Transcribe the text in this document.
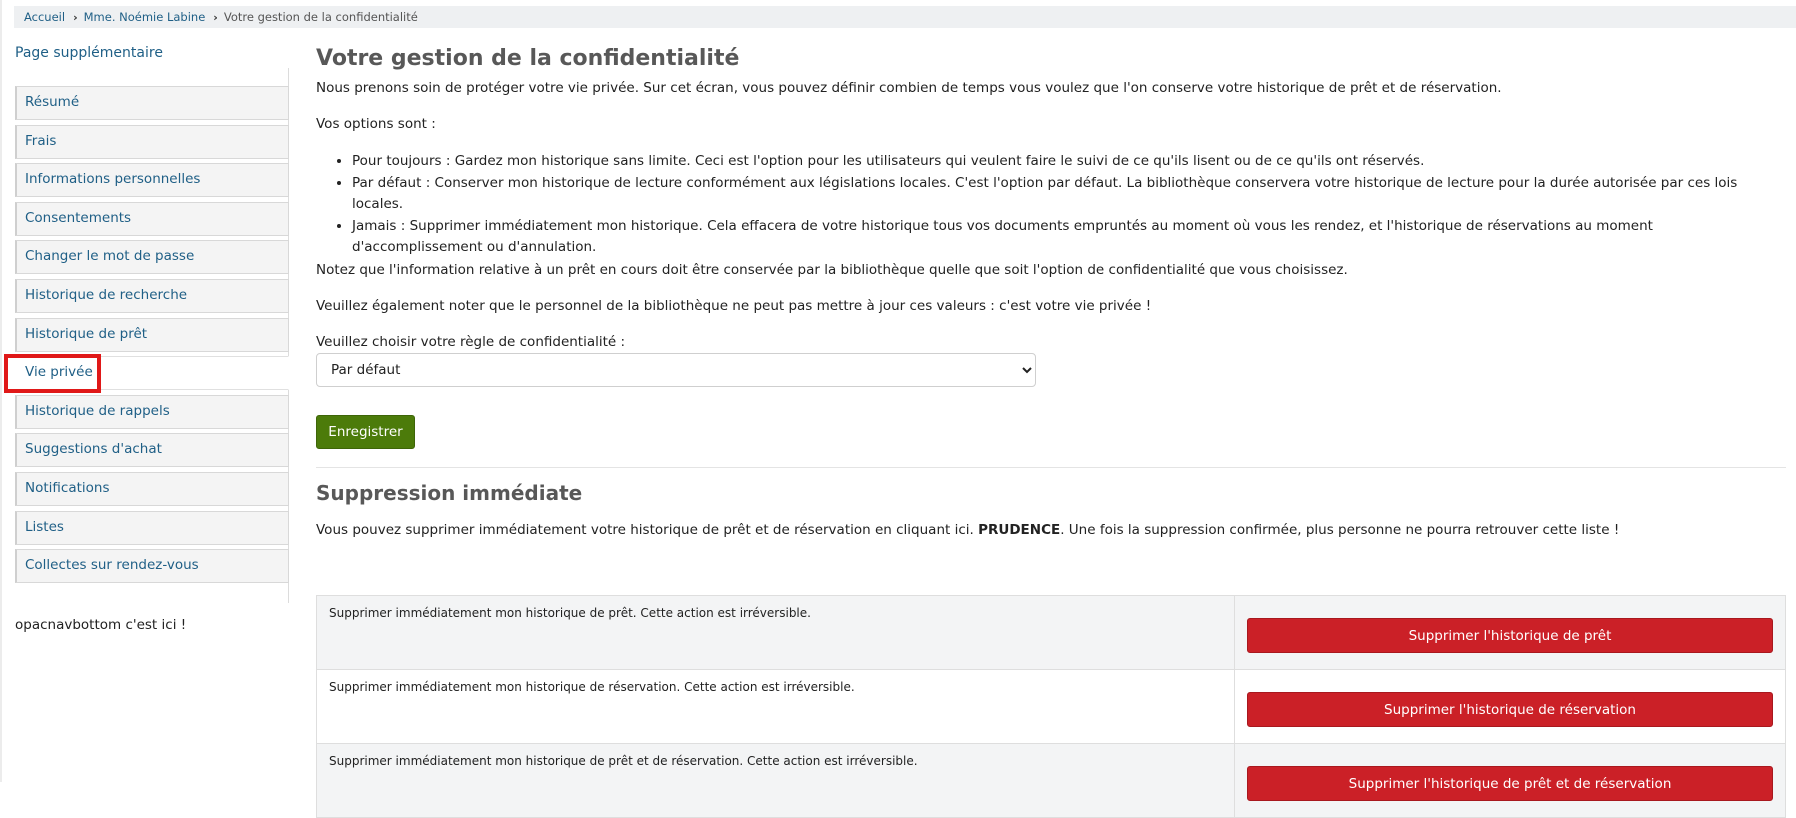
Accueil › Mme. Noémie Labine › Votre gestion de la confidentialité
Page supplémentaire
Résumé
Frais
Informations personnelles
Consentements
Changer le mot de passe
Historique de recherche
Historique de prêt
Vie privée
Historique de rappels
Suggestions d'achat
Notifications
Listes
Collectes sur rendez-vous
opacnavbottom c'est ici !
Votre gestion de la confidentialité
Nous prenons soin de protéger votre vie privée. Sur cet écran, vous pouvez définir combien de temps vous voulez que l'on conserve votre historique de prêt et de réservation.
Vos options sont :
• Pour toujours : Gardez mon historique sans limite. Ceci est l'option pour les utilisateurs qui veulent faire le suivi de ce qu'ils lisent ou de ce qu'ils ont réservés.
• Par défaut : Conserver mon historique de lecture conformément aux législations locales. C'est l'option par défaut. La bibliothèque conservera votre historique de lecture pour la durée autorisée par ces lois locales.
• Jamais : Supprimer immédiatement mon historique. Cela effacera de votre historique tous vos documents empruntés au moment où vous les rendez, et l'historique de réservations au moment d'accomplissement ou d'annulation.
Notez que l'information relative à un prêt en cours doit être conservée par la bibliothèque quelle que soit l'option de confidentialité que vous choisissez.
Veuillez également noter que le personnel de la bibliothèque ne peut pas mettre à jour ces valeurs : c'est votre vie privée !
Veuillez choisir votre règle de confidentialité :
Par défaut
Enregistrer
Suppression immédiate
Vous pouvez supprimer immédiatement votre historique de prêt et de réservation en cliquant ici. PRUDENCE. Une fois la suppression confirmée, plus personne ne pourra retrouver cette liste !
Supprimer immédiatement mon historique de prêt. Cette action est irréversible.	Supprimer l'historique de prêt

Supprimer immédiatement mon historique de réservation. Cette action est irréversible.	Supprimer l'historique de réservation

Supprimer immédiatement mon historique de prêt et de réservation. Cette action est irréversible.	Supprimer l'historique de prêt et de réservation
